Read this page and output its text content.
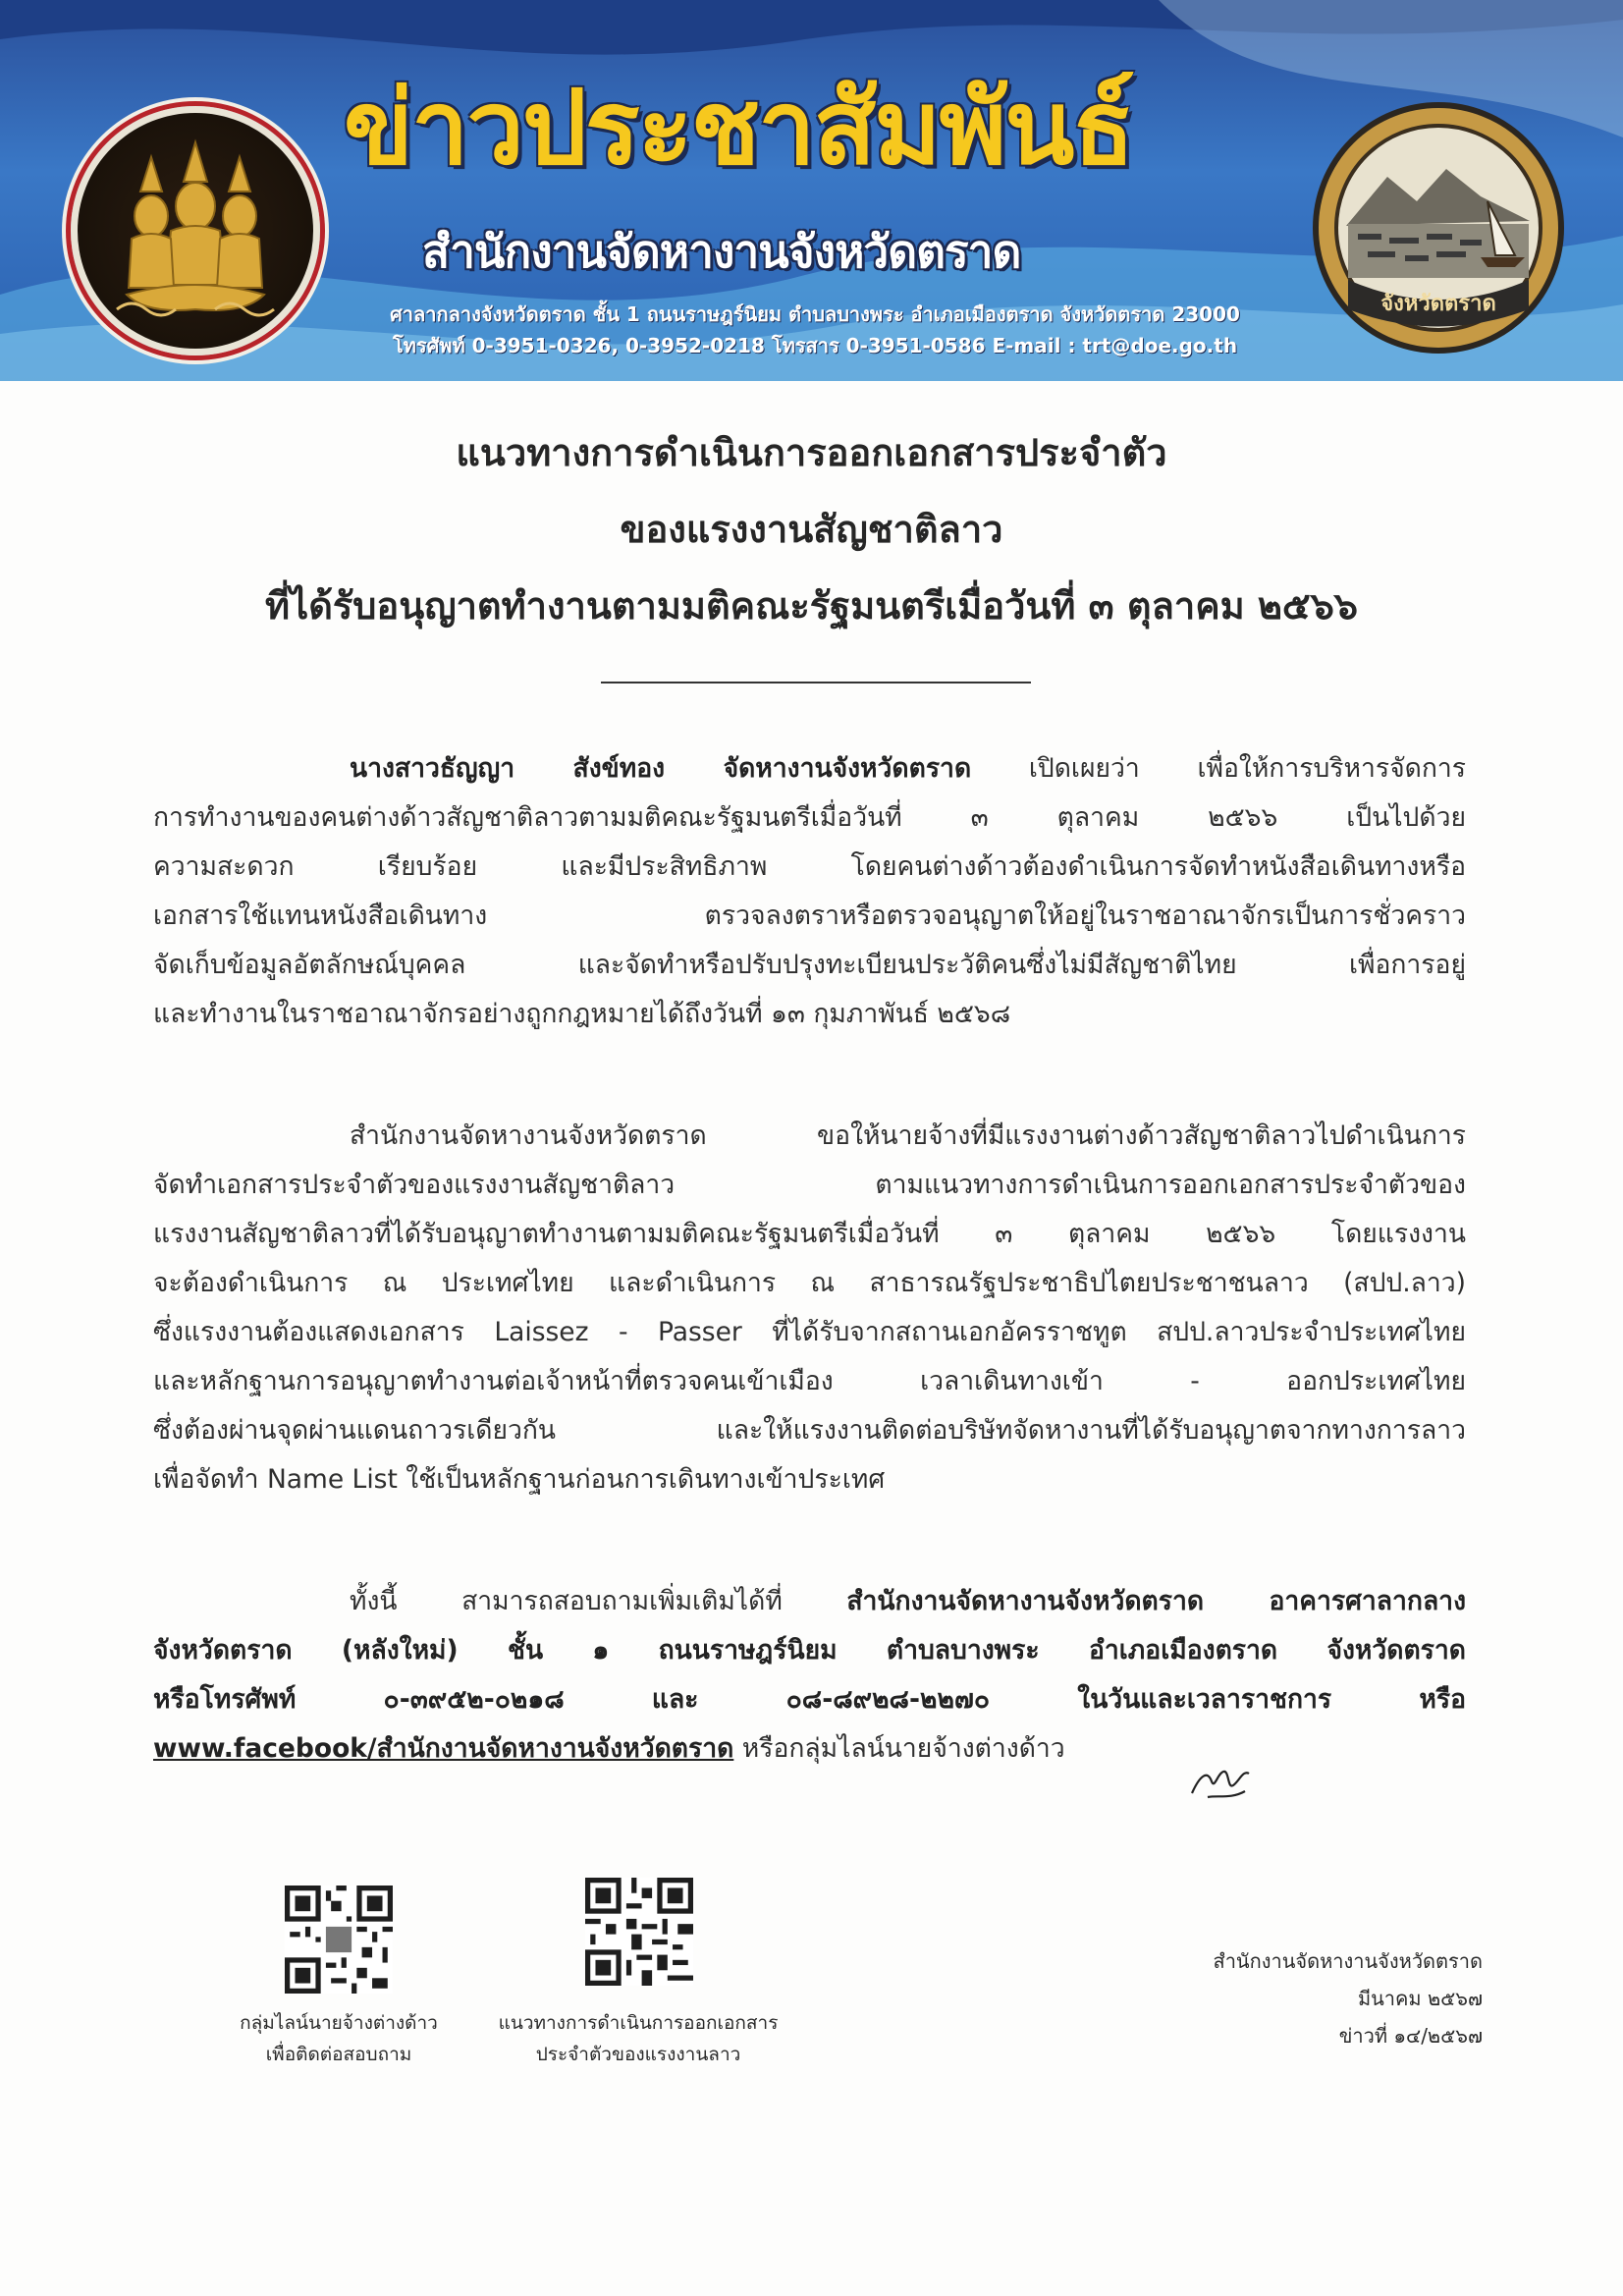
จังหวัดตราด
ข่าวประชาสัมพันธ์
สำนักงานจัดหางานจังหวัดตราด
ศาลากลางจังหวัดตราด ชั้น 1 ถนนราษฎร์นิยม ตำบลบางพระ อำเภอเมืองตราด จังหวัดตราด 23000
โทรศัพท์ 0-3951-0326, 0-3952-0218 โทรสาร 0-3951-0586 E-mail : trt@doe.go.th
แนวทางการดำเนินการออกเอกสารประจำตัว
ของแรงงานสัญชาติลาว
ที่ได้รับอนุญาตทำงานตามมติคณะรัฐมนตรีเมื่อวันที่ ๓ ตุลาคม ๒๕๖๖
นางสาวธัญญา สังข์ทอง จัดหางานจังหวัดตราด เปิดเผยว่า เพื่อให้การบริหารจัดการ
การทำงานของคนต่างด้าวสัญชาติลาวตามมติคณะรัฐมนตรีเมื่อวันที่ ๓ ตุลาคม ๒๕๖๖ เป็นไปด้วย
ความสะดวก เรียบร้อย และมีประสิทธิภาพ โดยคนต่างด้าวต้องดำเนินการจัดทำหนังสือเดินทางหรือ
เอกสารใช้แทนหนังสือเดินทาง ตรวจลงตราหรือตรวจอนุญาตให้อยู่ในราชอาณาจักรเป็นการชั่วคราว
จัดเก็บข้อมูลอัตลักษณ์บุคคล และจัดทำหรือปรับปรุงทะเบียนประวัติคนซึ่งไม่มีสัญชาติไทย เพื่อการอยู่
และทำงานในราชอาณาจักรอย่างถูกกฎหมายได้ถึงวันที่ ๑๓ กุมภาพันธ์ ๒๕๖๘
สำนักงานจัดหางานจังหวัดตราด ขอให้นายจ้างที่มีแรงงานต่างด้าวสัญชาติลาวไปดำเนินการ
จัดทำเอกสารประจำตัวของแรงงานสัญชาติลาว ตามแนวทางการดำเนินการออกเอกสารประจำตัวของ
แรงงานสัญชาติลาวที่ได้รับอนุญาตทำงานตามมติคณะรัฐมนตรีเมื่อวันที่ ๓ ตุลาคม ๒๕๖๖ โดยแรงงาน
จะต้องดำเนินการ ณ ประเทศไทย และดำเนินการ ณ สาธารณรัฐประชาธิปไตยประชาชนลาว (สปป.ลาว)
ซึ่งแรงงานต้องแสดงเอกสาร Laissez - Passer ที่ได้รับจากสถานเอกอัครราชทูต สปป.ลาวประจำประเทศไทย
และหลักฐานการอนุญาตทำงานต่อเจ้าหน้าที่ตรวจคนเข้าเมือง เวลาเดินทางเข้า - ออกประเทศไทย
ซึ่งต้องผ่านจุดผ่านแดนถาวรเดียวกัน และให้แรงงานติดต่อบริษัทจัดหางานที่ได้รับอนุญาตจากทางการลาว
เพื่อจัดทำ Name List ใช้เป็นหลักฐานก่อนการเดินทางเข้าประเทศ
ทั้งนี้ สามารถสอบถามเพิ่มเติมได้ที่ สำนักงานจัดหางานจังหวัดตราด อาคารศาลากลาง
จังหวัดตราด (หลังใหม่) ชั้น ๑ ถนนราษฎร์นิยม ตำบลบางพระ อำเภอเมืองตราด จังหวัดตราด
หรือโทรศัพท์ ๐-๓๙๕๒-๐๒๑๘ และ ๐๘-๘๙๒๘-๒๒๗๐ ในวันและเวลาราชการ หรือ
www.facebook/สำนักงานจัดหางานจังหวัดตราด หรือกลุ่มไลน์นายจ้างต่างด้าว
กลุ่มไลน์นายจ้างต่างด้าว
เพื่อติดต่อสอบถาม
แนวทางการดำเนินการออกเอกสาร
ประจำตัวของแรงงานลาว
สำนักงานจัดหางานจังหวัดตราด
มีนาคม ๒๕๖๗
ข่าวที่ ๑๔/๒๕๖๗
